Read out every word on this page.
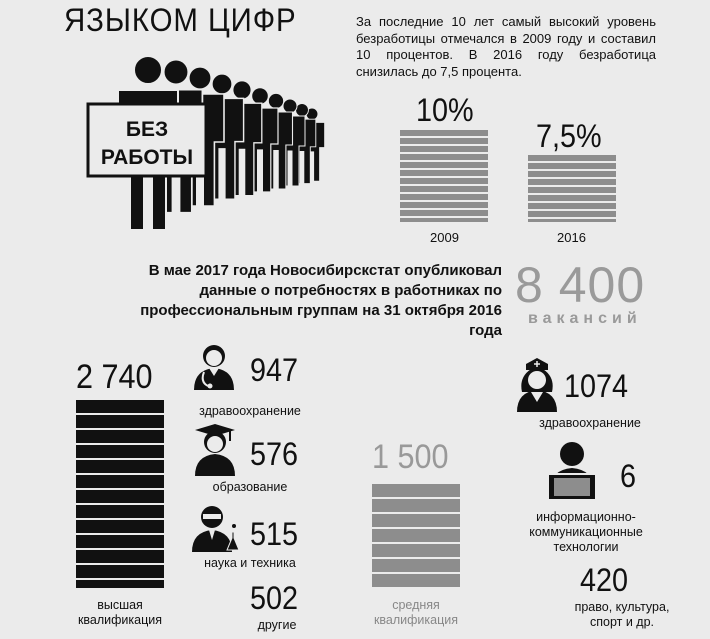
ЯЗЫКОМ ЦИФР	За последние 10 лет самый высокий уровень безработицы отмечался в 2009 году и составил 10 процентов. В 2016 году безработица снизилась до 7,5 процента.
БЕЗ
РАБОТЫ
10%
2009
7,5%
2016
В мае 2017 года Новосибирскстат опубликовал данные о потребностях в работниках по профессиональным группам на 31 октября 2016 года
8 400
вакансий
2 740
высшая квалификация
947
здравоохранение
576
образование
515
наука и техника
502
другие
1 500
средняя квалификация
1074
здравоохранение
6
информационно-коммуникационные технологии
420
право, культура, спорт и др.
